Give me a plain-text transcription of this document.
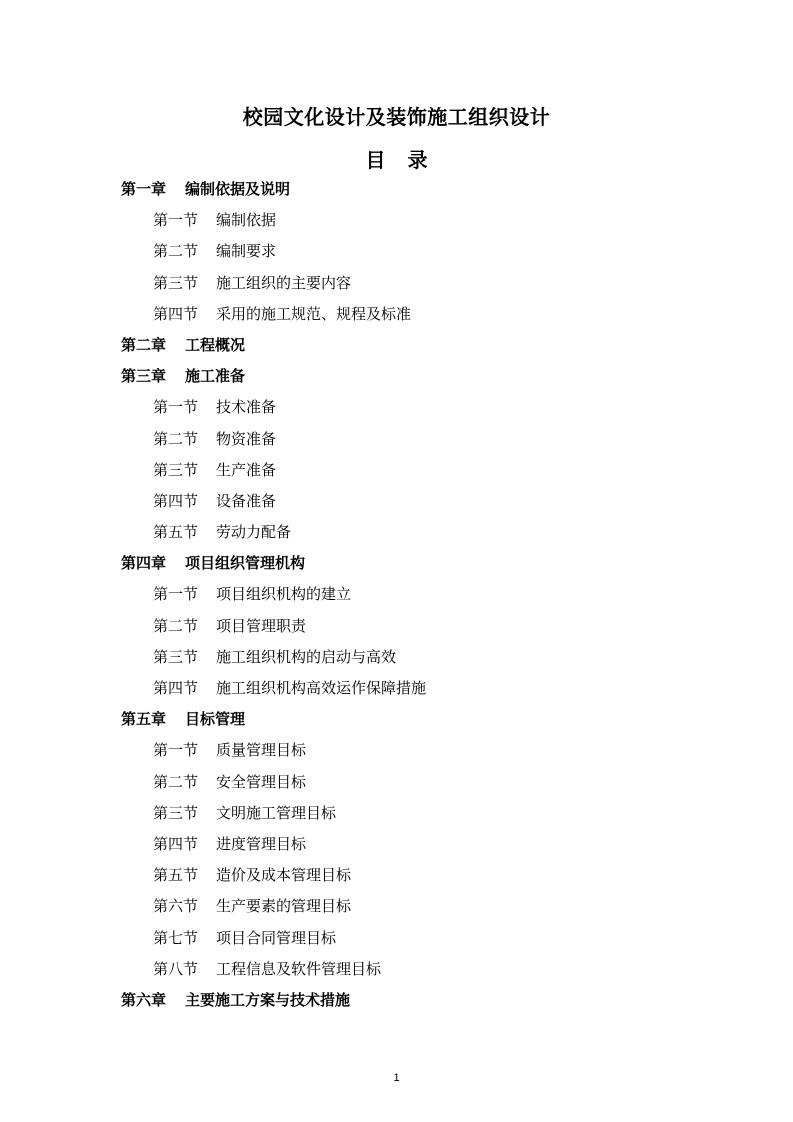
校园文化设计及装饰施工组织设计
目 录
第一章 编制依据及说明
第一节 编制依据
第二节 编制要求
第三节 施工组织的主要内容
第四节 采用的施工规范、规程及标准
第二章 工程概况
第三章 施工准备
第一节 技术准备
第二节 物资准备
第三节 生产准备
第四节 设备准备
第五节 劳动力配备
第四章 项目组织管理机构
第一节 项目组织机构的建立
第二节 项目管理职责
第三节 施工组织机构的启动与高效
第四节 施工组织机构高效运作保障措施
第五章 目标管理
第一节 质量管理目标
第二节 安全管理目标
第三节 文明施工管理目标
第四节 进度管理目标
第五节 造价及成本管理目标
第六节 生产要素的管理目标
第七节 项目合同管理目标
第八节 工程信息及软件管理目标
第六章 主要施工方案与技术措施
1
